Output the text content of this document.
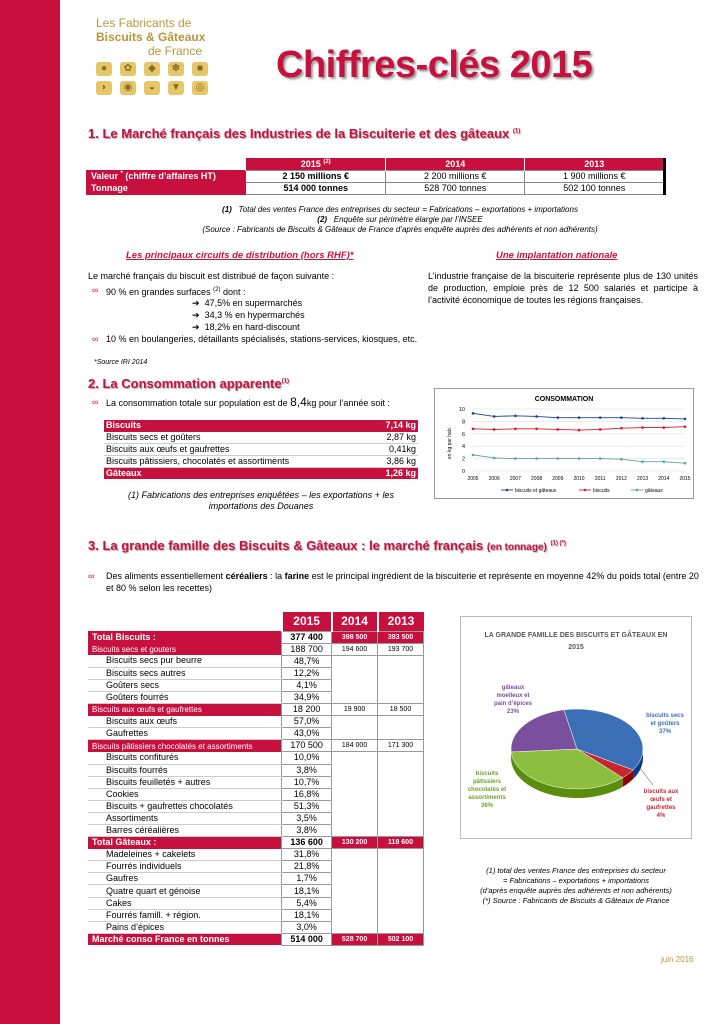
Les Fabricants de
Biscuits & Gâteaux
de France
●	✿	◆	✽	■
◗	◉	◒	▼	◎
Chiffres-clés 2015
1. Le Marché français des Industries de la Biscuiterie et des gâteaux $^{(1)}$
	2015 $^{(2)}$	2014	2013
Valeur * (chiffre d’affaires HT)	2 150 millions €	2 200 millions €	1 900 millions €
Tonnage	514 000 tonnes	528 700 tonnes	502 100 tonnes
(1) Total des ventes France des entreprises du secteur = Fabrications – exportations + importations
(2) Enquête sur périmètre élargie par l’INSEE
(Source : Fabricants de Biscuits & Gâteaux de France d’après enquête auprès des adhérents et non adhérents)
Les principaux circuits de distribution (hors RHF)*	Une implantation nationale
Le marché français du biscuit est distribué de façon suivante :
∞ 90 % en grandes surfaces $^{(2)}$ dont :
➔ 47,5% en supermarchés
➔ 34,3 % en hypermarchés
➔ 18,2% en hard-discount
∞ 10 % en boulangeries, détaillants spécialisés, stations-services, kiosques, etc.
*Source IRI 2014
L’industrie française de la biscuiterie représente plus de 130 unités de production, emploie près de 12 500 salariés et participe à l’activité économique de toutes les régions françaises.
2. La Consommation apparente$^{(1)}$
∞ La consommation totale sur population est de 8,4kg pour l’année soit :
Biscuits	7,14 kg
Biscuits secs et goûters	2,87 kg
Biscuits aux œufs et gaufrettes	0,41kg
Biscuits pâtissiers, chocolatés et assortiments	3,86 kg
Gâteaux	1,26 kg
(1) Fabrications des entreprises enquêtées – les exportations + les importations des Douanes
CONSOMMATION
0
2
4
6
8
10
en kg par hab.
2005 2006 2007 2008 2009 2010 2011 2012 2013 2014 2015
biscuits et gâteaux	biscuits	gâteaux
3. La grande famille des Biscuits & Gâteaux : le marché français (en tonnage) $^{(1) (*)}$
∞ Des aliments essentiellement céréaliers : la farine est le principal ingrédient de la biscuiterie et représente en moyenne 42% du poids total (entre 20 et 80 % selon les recettes)
	2015	2014	2013
Total Biscuits :	377 400	398 500	383 500
Biscuits secs et gouters	188 700	194 600	193 700
Biscuits secs pur beurre	48,7%		
Biscuits secs autres	12,2%		
Goûters secs	4,1%		
Goûters fourrés	34,9%		
Biscuits aux œufs et gaufrettes	18 200	19 900	18 500
Biscuits aux œufs	57,0%		
Gaufrettes	43,0%		
Biscuits pâtissiers chocolatés et assortiments	170 500	184 000	171 300
Biscuits confiturés	10,0%		
Biscuits fourrés	3,8%		
Biscuits feuilletés + autres	10,7%		
Cookies	16,8%		
Biscuits + gaufrettes chocolatés	51,3%		
Assortiments	3,5%		
Barres céréalières	3,8%		
Total Gâteaux :	136 600	130 200	118 600
Madeleines + cakelets	31,8%		
Fourrés individuels	21,8%		
Gaufres	1,7%		
Quatre quart et génoise	18,1%		
Cakes	5,4%		
Fourrés famill. + région.	18,1%		
Pains d’épices	3,0%		
Marché conso France en tonnes	514 000	528 700	502 100
LA GRANDE FAMILLE DES BISCUITS ET GÂTEAUX EN
2015
biscuits secs
et goûters
37%
biscuits aux
œufs et
gaufrettes
4%
biscuits
pâtissiers
chocolatés et
assortiments
36%
gâteaux
moelleux et
pain d’épices
23%
(1) total des ventes France des entreprises du secteur
= Fabrications – exportations + importations
(d’après enquête auprès des adhérents et non adhérents)
(*) Source : Fabricants de Biscuits & Gâteaux de France
juin 2016
